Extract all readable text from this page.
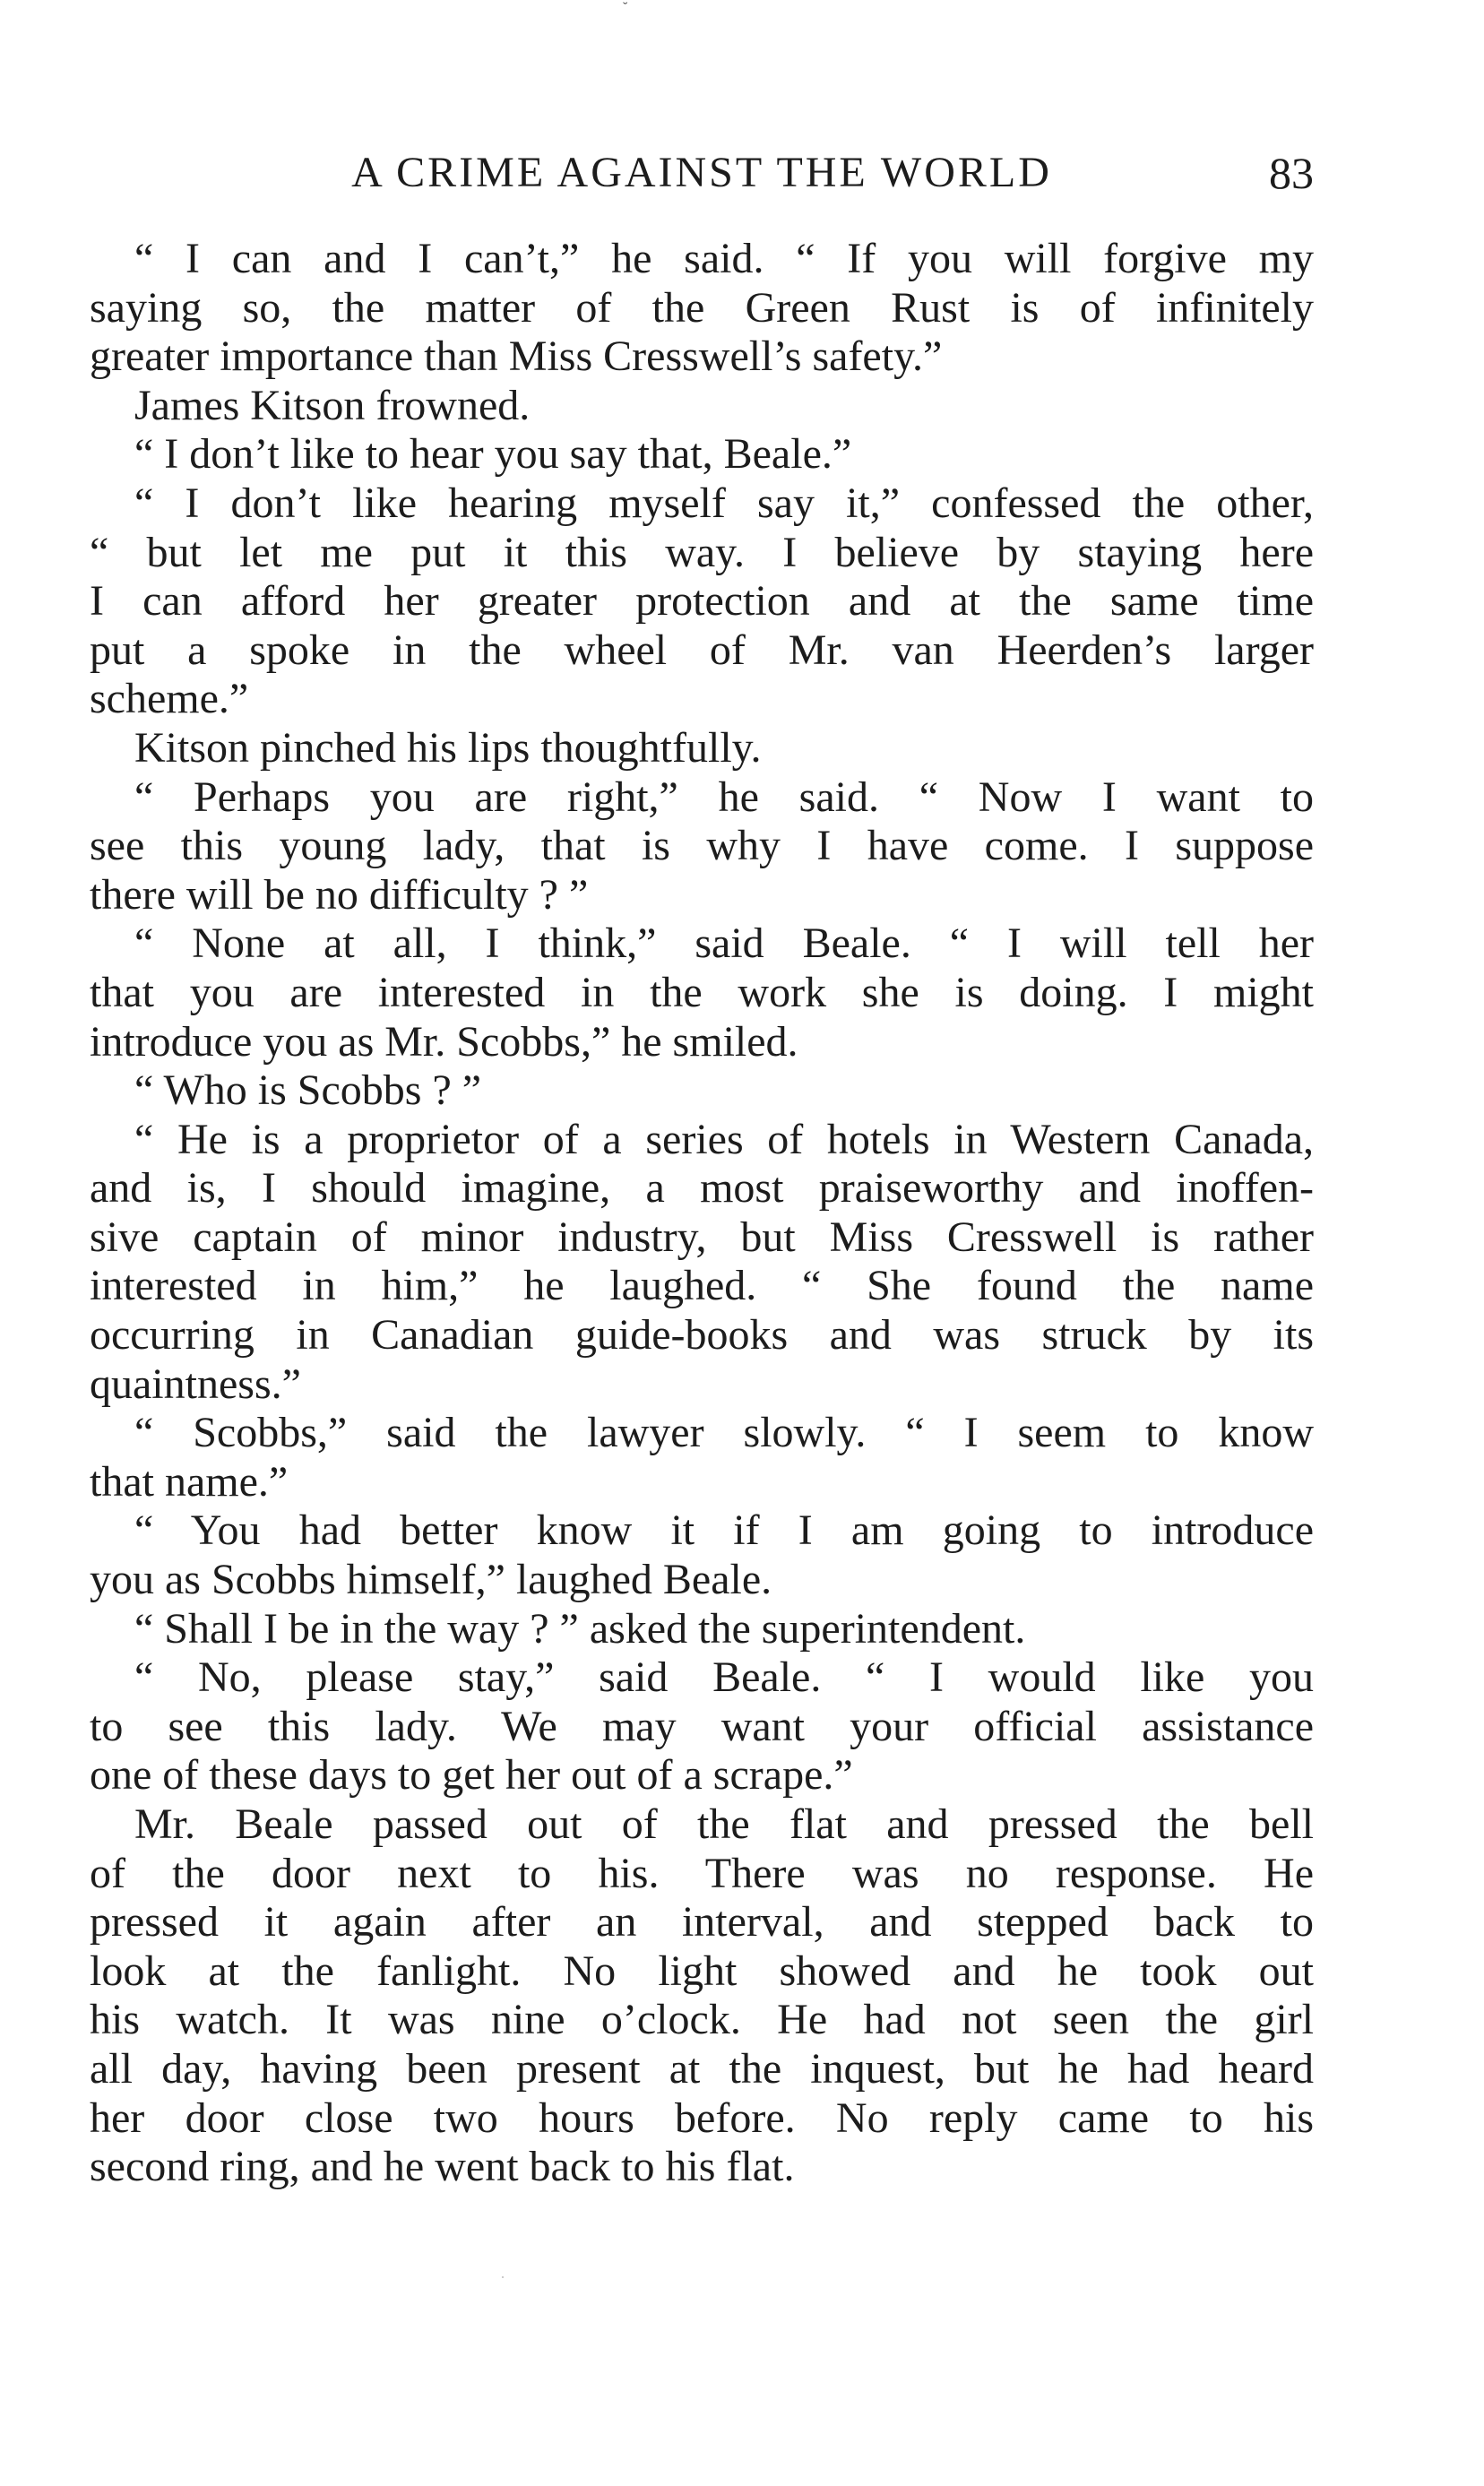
˘
A CRIME AGAINST THE WORLD	83
“ I can and I can’t,” he said. “ If you will forgive my
saying so, the matter of the Green Rust is of infinitely
greater importance than Miss Cresswell’s safety.”
James Kitson frowned.
“ I don’t like to hear you say that, Beale.”
“ I don’t like hearing myself say it,” confessed the other,
“ but let me put it this way. I believe by staying here
I can afford her greater protection and at the same time
put a spoke in the wheel of Mr. van Heerden’s larger
scheme.”
Kitson pinched his lips thoughtfully.
“ Perhaps you are right,” he said. “ Now I want to
see this young lady, that is why I have come. I suppose
there will be no difficulty ? ”
“ None at all, I think,” said Beale. “ I will tell her
that you are interested in the work she is doing. I might
introduce you as Mr. Scobbs,” he smiled.
“ Who is Scobbs ? ”
“ He is a proprietor of a series of hotels in Western Canada,
and is, I should imagine, a most praiseworthy and inoffen-
sive captain of minor industry, but Miss Cresswell is rather
interested in him,” he laughed. “ She found the name
occurring in Canadian guide-books and was struck by its
quaintness.”
“ Scobbs,” said the lawyer slowly. “ I seem to know
that name.”
“ You had better know it if I am going to introduce
you as Scobbs himself,” laughed Beale.
“ Shall I be in the way ? ” asked the superintendent.
“ No, please stay,” said Beale. “ I would like you
to see this lady. We may want your official assistance
one of these days to get her out of a scrape.”
Mr. Beale passed out of the flat and pressed the bell
of the door next to his. There was no response. He
pressed it again after an interval, and stepped back to
look at the fanlight. No light showed and he took out
his watch. It was nine o’clock. He had not seen the girl
all day, having been present at the inquest, but he had heard
her door close two hours before. No reply came to his
second ring, and he went back to his flat.
